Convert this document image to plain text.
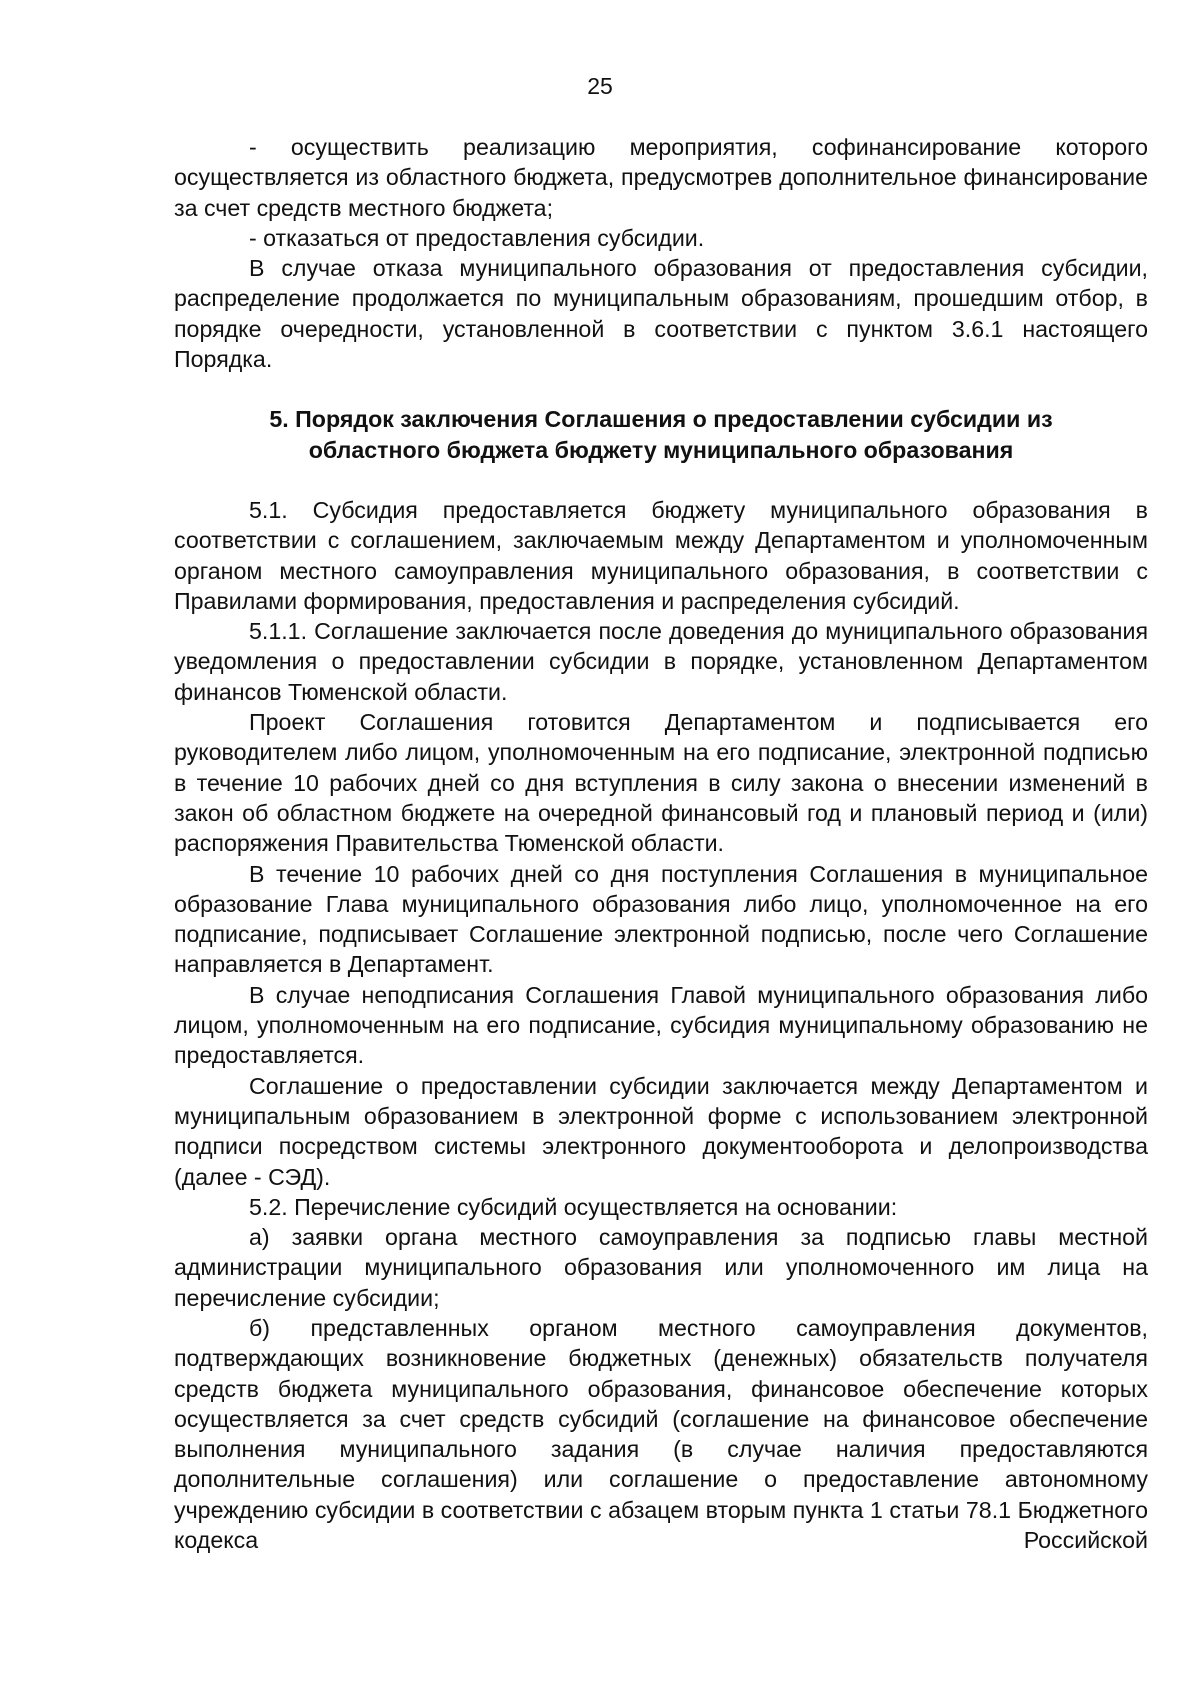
25

- осуществить реализацию мероприятия, софинансирование которого осуществляется из областного бюджета, предусмотрев дополнительное финансирование за счет средств местного бюджета;

- отказаться от предоставления субсидии.

В случае отказа муниципального образования от предоставления субсидии, распределение продолжается по муниципальным образованиям, прошедшим отбор, в порядке очередности, установленной в соответствии с пунктом 3.6.1 настоящего Порядка.

5. Порядок заключения Соглашения о предоставлении субсидии из
областного бюджета бюджету муниципального образования

5.1. Субсидия предоставляется бюджету муниципального образования в соответствии с соглашением, заключаемым между Департаментом и уполномоченным органом местного самоуправления муниципального образования, в соответствии с Правилами формирования, предоставления и распределения субсидий.

5.1.1. Соглашение заключается после доведения до муниципального образования уведомления о предоставлении субсидии в порядке, установленном Департаментом финансов Тюменской области.

Проект Соглашения готовится Департаментом и подписывается его руководителем либо лицом, уполномоченным на его подписание, электронной подписью в течение 10 рабочих дней со дня вступления в силу закона о внесении изменений в закон об областном бюджете на очередной финансовый год и плановый период и (или) распоряжения Правительства Тюменской области.

В течение 10 рабочих дней со дня поступления Соглашения в муниципальное образование Глава муниципального образования либо лицо, уполномоченное на его подписание, подписывает Соглашение электронной подписью, после чего Соглашение направляется в Департамент.

В случае неподписания Соглашения Главой муниципального образования либо лицом, уполномоченным на его подписание, субсидия муниципальному образованию не предоставляется.

Соглашение о предоставлении субсидии заключается между Департаментом и муниципальным образованием в электронной форме с использованием электронной подписи посредством системы электронного документооборота и делопроизводства (далее - СЭД).

5.2. Перечисление субсидий осуществляется на основании:

а) заявки органа местного самоуправления за подписью главы местной администрации муниципального образования или уполномоченного им лица на перечисление субсидии;

б) представленных органом местного самоуправления документов, подтверждающих возникновение бюджетных (денежных) обязательств получателя средств бюджета муниципального образования, финансовое обеспечение которых осуществляется за счет средств субсидий (соглашение на финансовое обеспечение выполнения муниципального задания (в случае наличия предоставляются дополнительные соглашения) или соглашение о предоставление автономному учреждению субсидии в соответствии с абзацем вторым пункта 1 статьи 78.1 Бюджетного кодекса Российской
